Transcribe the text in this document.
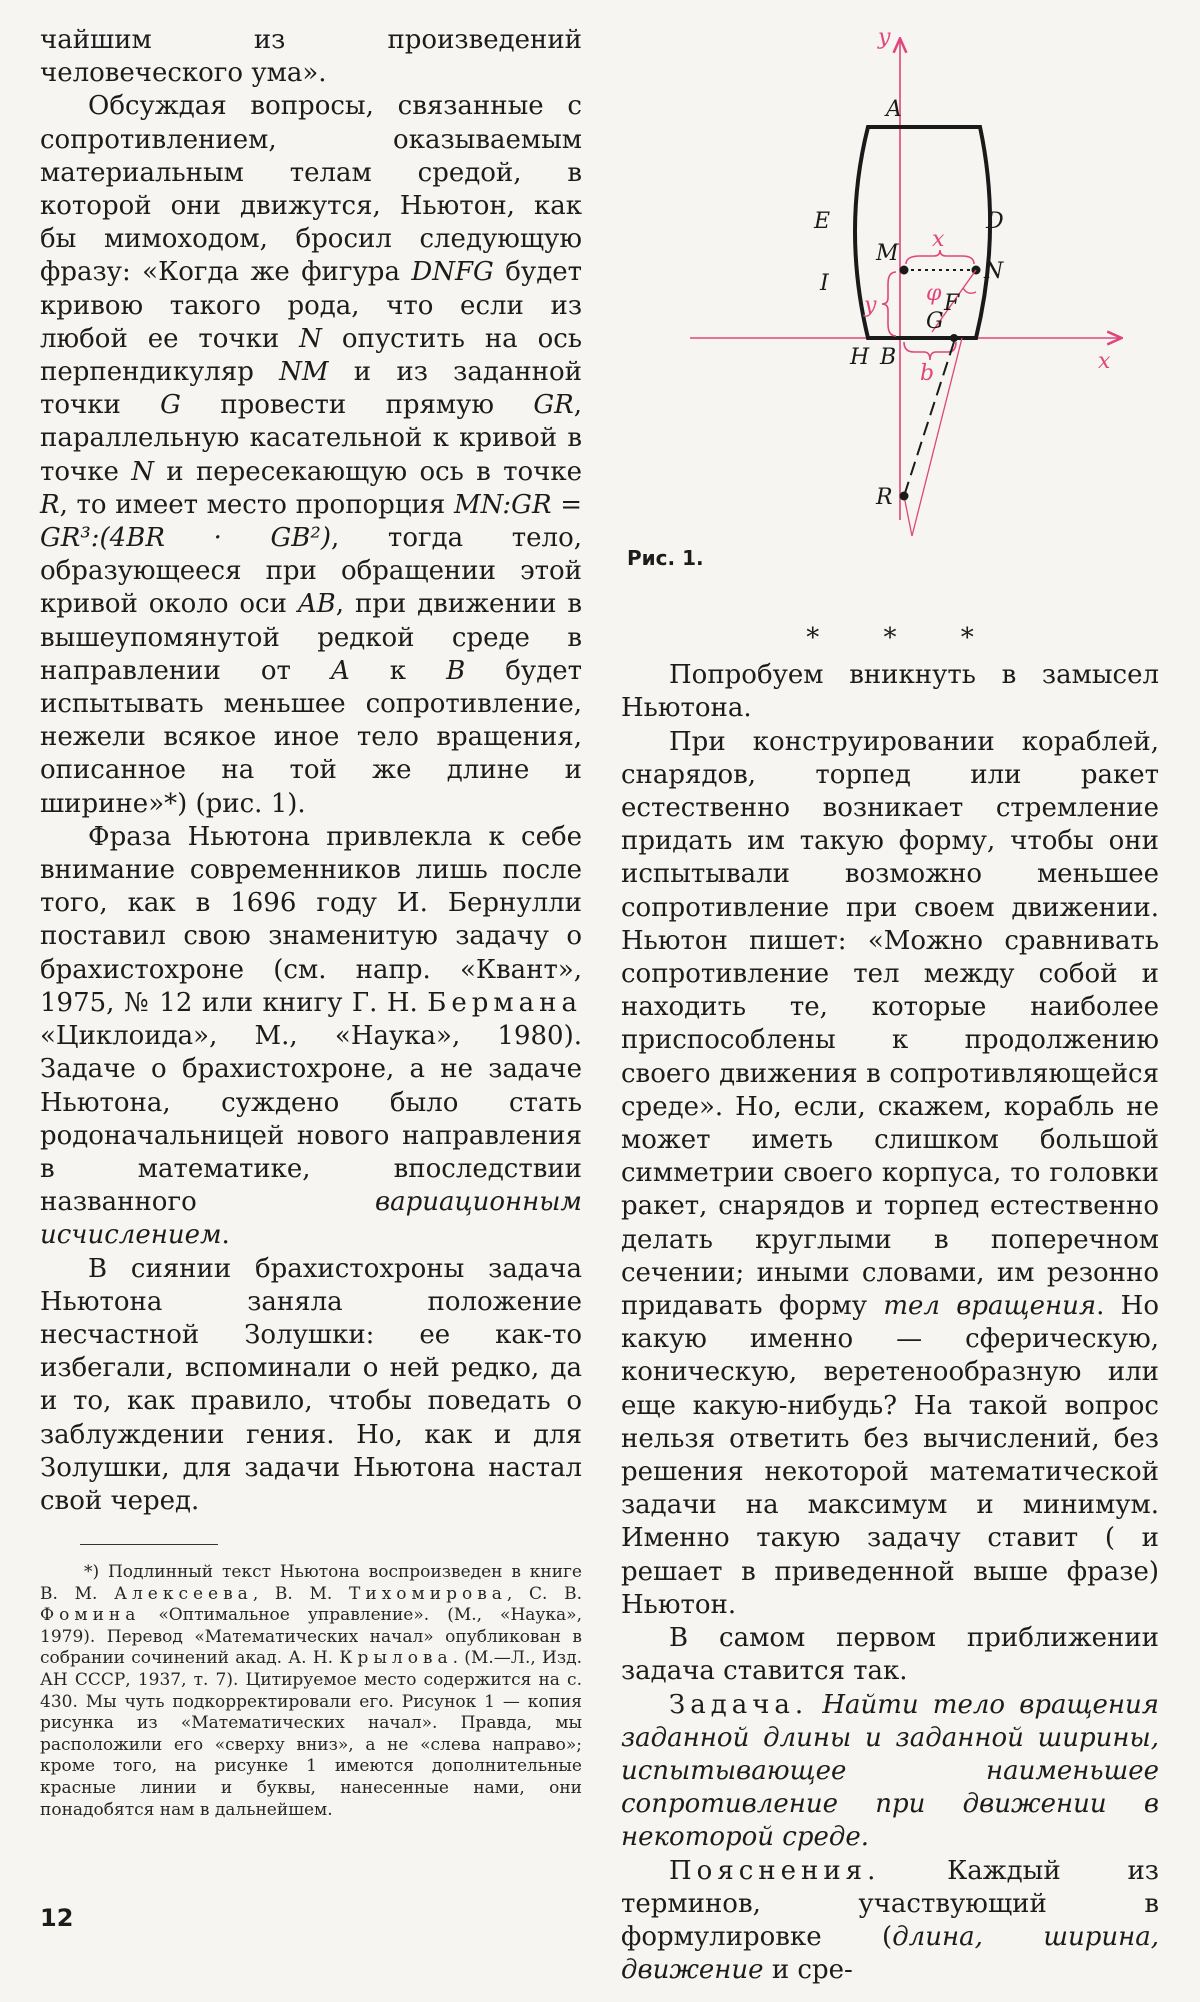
чайшим из произведений человеческого ума».

Обсуждая вопросы, связанные с сопротивлением, оказываемым материальным телам средой, в которой они движутся, Ньютон, как бы мимоходом, бросил следующую фразу: «Когда же фигура DNFG будет кривою такого рода, что если из любой ее точки N опустить на ось перпендикуляр NM и из заданной точки G провести прямую GR, параллельную касательной к кривой в точке N и пересекающую ось в точке R, то имеет место пропорция MN:GR = GR³:(4BR · GB²), тогда тело, образующееся при обращении этой кривой около оси AB, при движении в вышеупомянутой редкой среде в направлении от A к B будет испытывать меньшее сопротивление, нежели всякое иное тело вращения, описанное на той же длине и ширине»*) (рис. 1).

Фраза Ньютона привлекла к себе внимание современников лишь после того, как в 1696 году И. Бернулли поставил свою знаменитую задачу о брахистохроне (см. напр. «Квант», 1975, № 12 или книгу Г. Н. Бермана «Циклоида», М., «Наука», 1980). Задаче о брахистохроне, а не задаче Ньютона, суждено было стать родоначальницей нового направления в математике, впоследствии названного вариационным исчислением.

В сиянии брахистохроны задача Ньютона заняла положение несчастной Золушки: ее как-то избегали, вспоминали о ней редко, да и то, как правило, чтобы поведать о заблуждении гения. Но, как и для Золушки, для задачи Ньютона настал свой черед.

*) Подлинный текст Ньютона воспроизведен в книге В. М. Алексеева, В. М. Тихомирова, С. В. Фомина «Оптимальное управление». (М., «Наука», 1979). Перевод «Математических начал» опубликован в собрании сочинений акад. А. Н. Крылова. (М.—Л., Изд. АН СССР, 1937, т. 7). Цитируемое место содержится на с. 430. Мы чуть подкорректировали его. Рисунок 1 — копия рисунка из «Математических начал». Правда, мы расположили его «сверху вниз», а не «слева направо»; кроме того, на рисунке 1 имеются дополнительные красные линии и буквы, нанесенные нами, они понадобятся нам в дальнейшем.

12
y
x
A
D
E
M
N
x
I
y φ F
G
H B
b
R
Рис. 1.

* * *

Попробуем вникнуть в замысел Ньютона.

При конструировании кораблей, снарядов, торпед или ракет естественно возникает стремление придать им такую форму, чтобы они испытывали возможно меньшее сопротивление при своем движении. Ньютон пишет: «Можно сравнивать сопротивление тел между собой и находить те, которые наиболее приспособлены к продолжению своего движения в сопротивляющейся среде». Но, если, скажем, корабль не может иметь слишком большой симметрии своего корпуса, то головки ракет, снарядов и торпед естественно делать круглыми в поперечном сечении; иными словами, им резонно придавать форму тел вращения. Но какую именно — сферическую, коническую, веретенообразную или еще какую-нибудь? На такой вопрос нельзя ответить без вычислений, без решения некоторой математической задачи на максимум и минимум. Именно такую задачу ставит ( и решает в приведенной выше фразе) Ньютон.

В самом первом приближении задача ставится так.

Задача. Найти тело вращения заданной длины и заданной ширины, испытывающее наименьшее сопротивление при движении в некоторой среде.

Пояснения. Каждый из терминов, участвующий в формулировке (длина, ширина, движение и сре-
